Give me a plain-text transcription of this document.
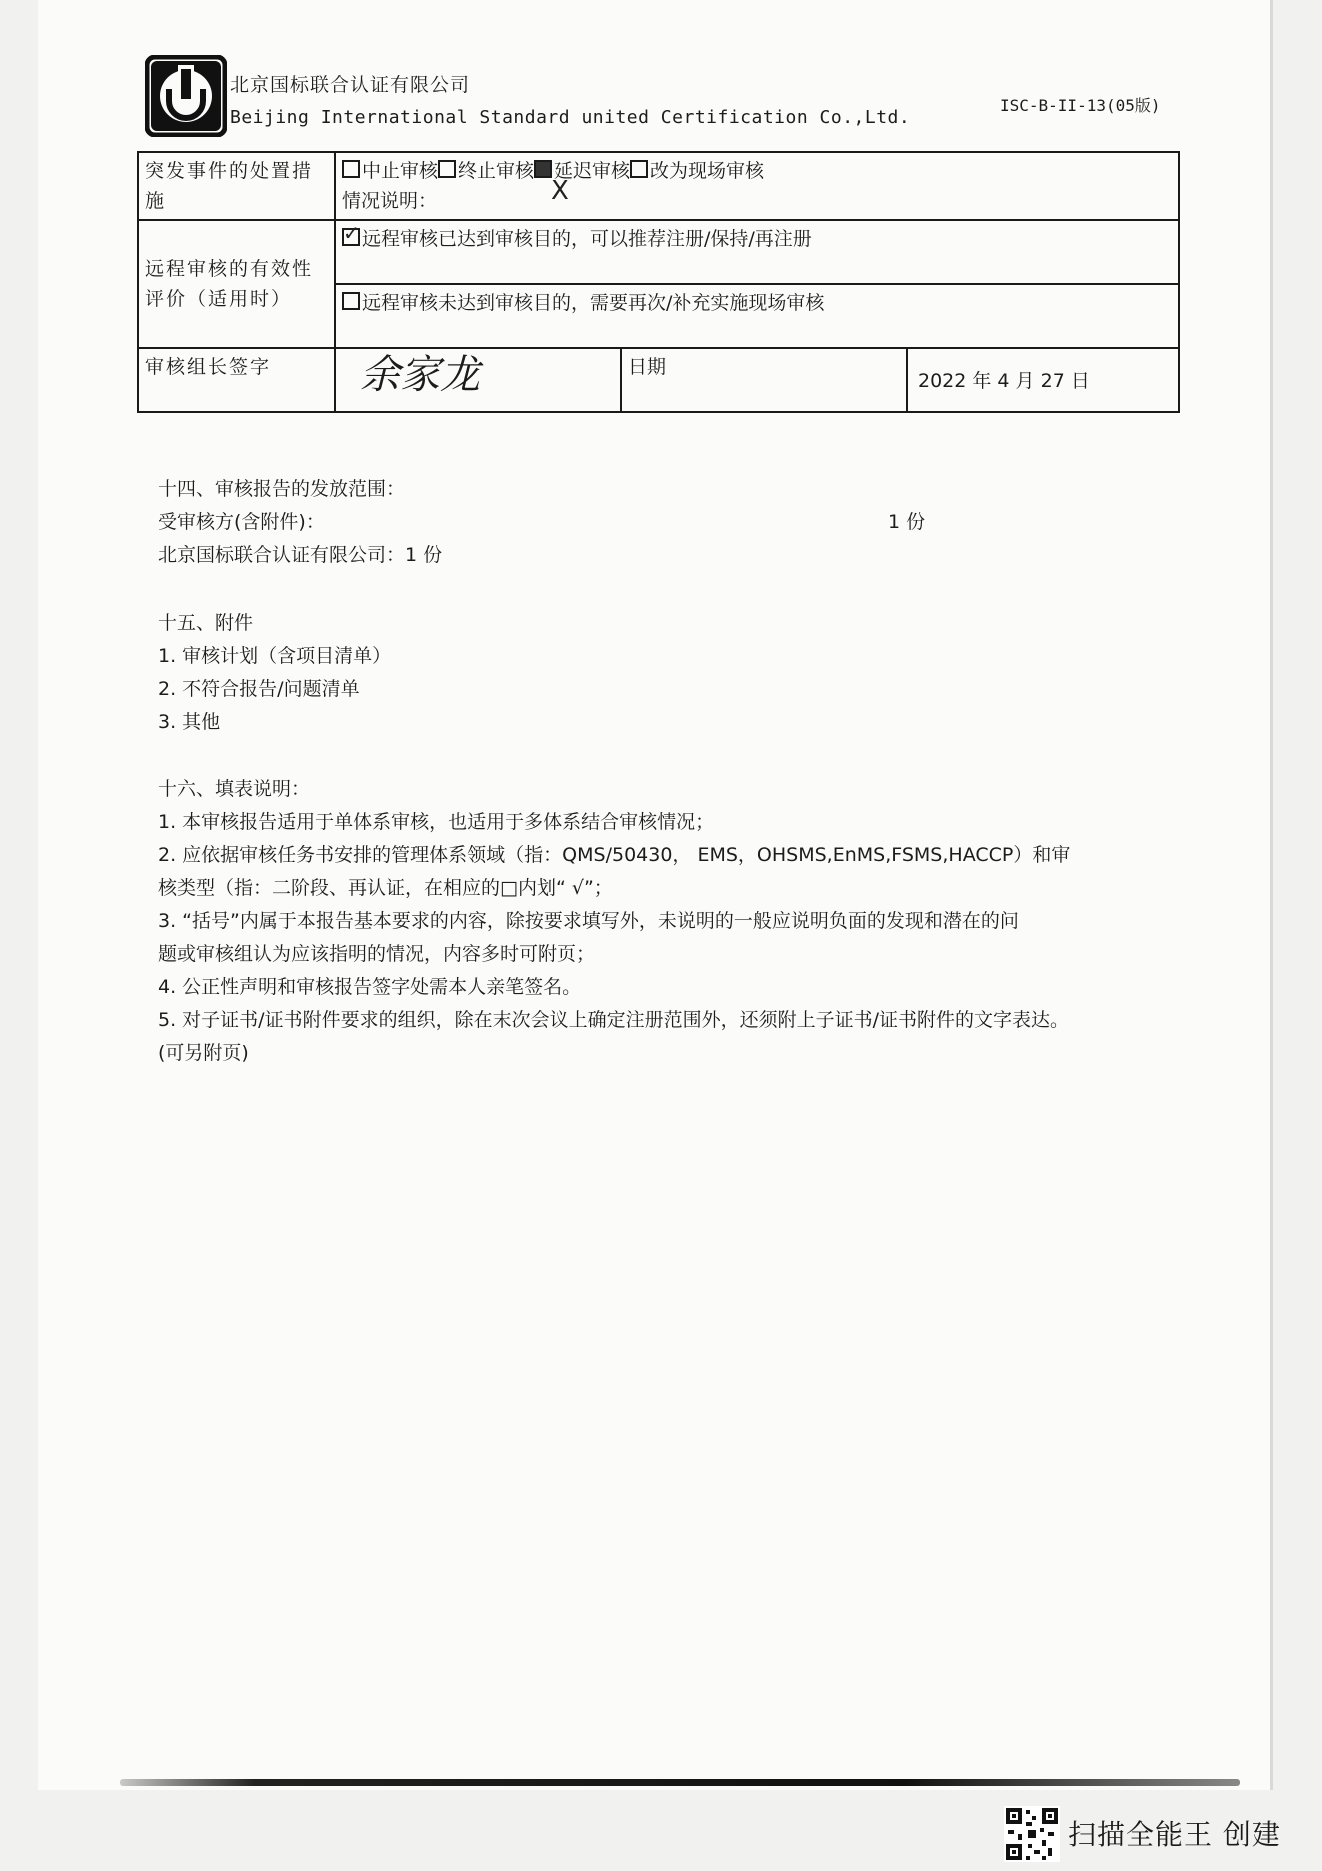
北京国标联合认证有限公司
Beijing International Standard united Certification Co.,Ltd.
ISC-B-II-13(05版)
突发事件的处置措施	中止审核 终止审核 延迟审核 改为现场审核
情况说明：		

远程审核的有效性评价（适用时）	✓远程审核已达到审核目的，可以推荐注册/保持/再注册
	远程审核未达到审核目的，需要再次/补充实施现场审核		
审核组长签字	余家龙	日期	2022 年 4 月 27 日
X
十四、审核报告的发放范围：
受审核方(含附件)：	1 份
北京国标联合认证有限公司：1 份
十五、附件
1. 审核计划（含项目清单）
2. 不符合报告/问题清单
3. 其他
十六、填表说明：
1. 本审核报告适用于单体系审核，也适用于多体系结合审核情况；
2. 应依据审核任务书安排的管理体系领域（指：QMS/50430， EMS，OHSMS,EnMS,FSMS,HACCP）和审
核类型（指：二阶段、再认证，在相应的□内划“ √”；
3. “括号”内属于本报告基本要求的内容，除按要求填写外，未说明的一般应说明负面的发现和潜在的问
题或审核组认为应该指明的情况，内容多时可附页；
4. 公正性声明和审核报告签字处需本人亲笔签名。
5. 对子证书/证书附件要求的组织，除在末次会议上确定注册范围外，还须附上子证书/证书附件的文字表达。
(可另附页)
扫描全能王 创建
